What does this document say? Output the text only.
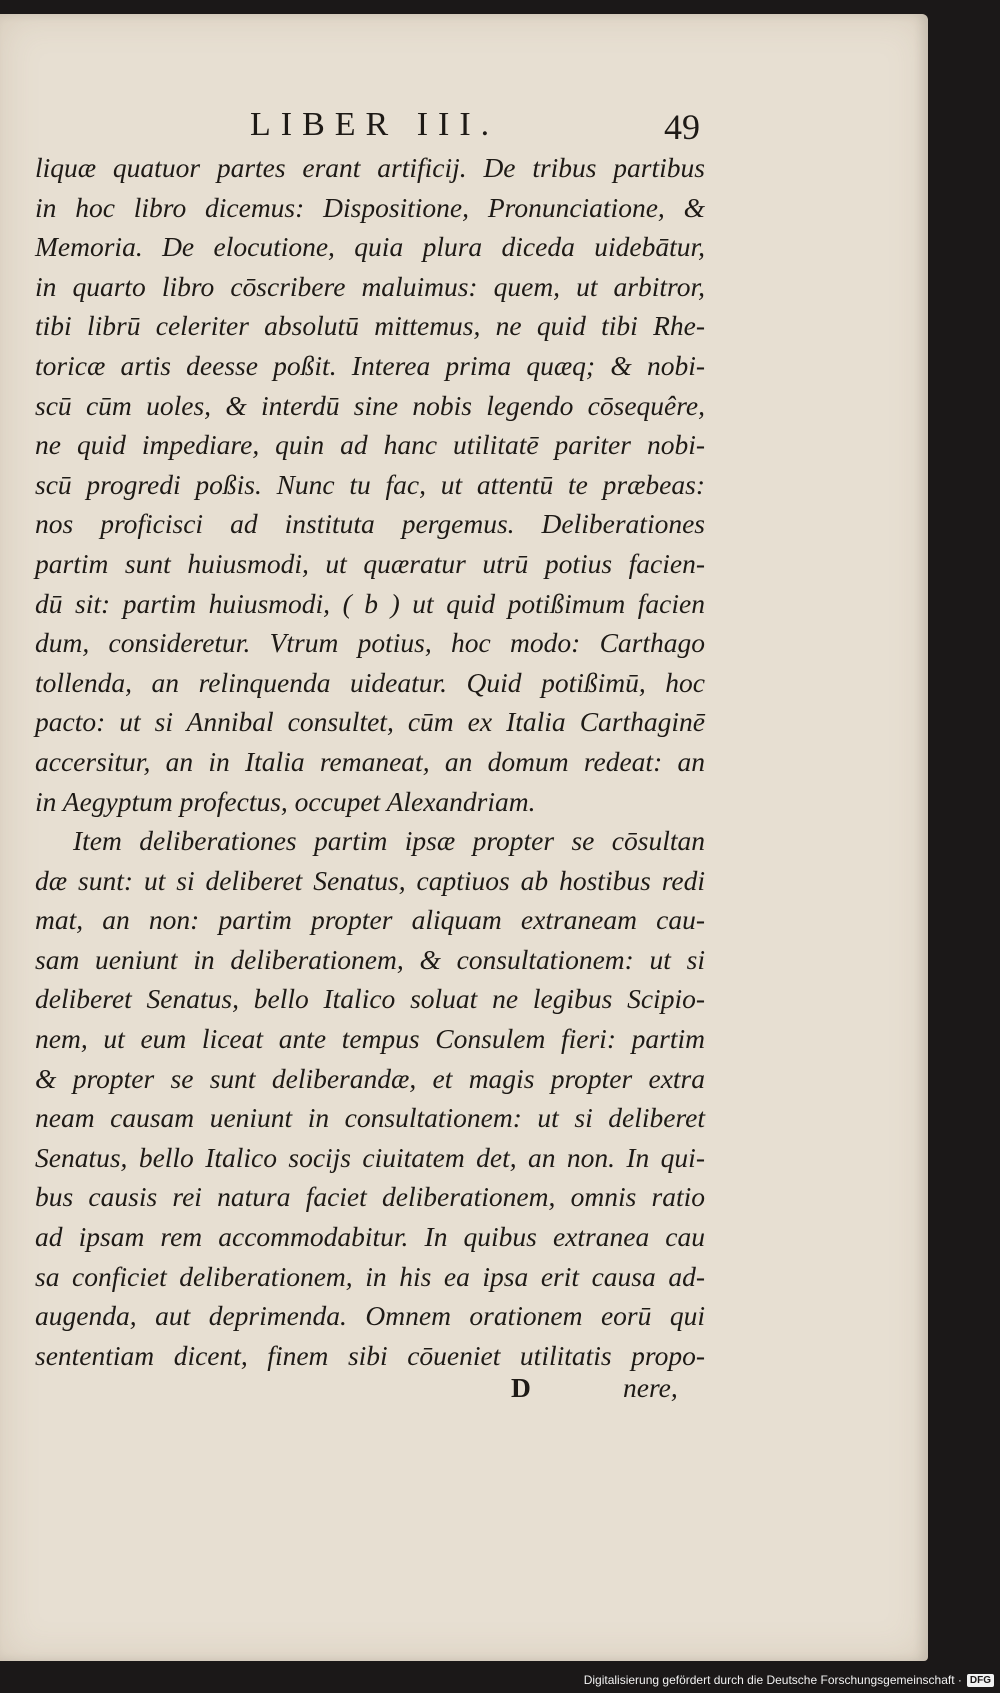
LIBER III.	49
liquæ quatuor partes erant artificij. De tribus partibus
in hoc libro dicemus: Dispositione, Pronunciatione, &
Memoria. De elocutione, quia plura diceda uidebātur,
in quarto libro cōscribere maluimus: quem, ut arbitror,
tibi librū celeriter absolutū mittemus, ne quid tibi Rhe-
toricæ artis deesse poßit. Interea prima quæq; & nobi-
scū cūm uoles, & interdū sine nobis legendo cōsequêre,
ne quid impediare, quin ad hanc utilitatē pariter nobi-
scū progredi poßis. Nunc tu fac, ut attentū te præbeas:
nos proficisci ad instituta pergemus. Deliberationes
partim sunt huiusmodi, ut quæratur utrū potius facien-
dū sit: partim huiusmodi, ( b ) ut quid potißimum facien
dum, consideretur. Vtrum potius, hoc modo: Carthago
tollenda, an relinquenda uideatur. Quid potißimū, hoc
pacto: ut si Annibal consultet, cūm ex Italia Carthaginē
accersitur, an in Italia remaneat, an domum redeat: an
in Aegyptum profectus, occupet Alexandriam.
Item deliberationes partim ipsæ propter se cōsultan
dæ sunt: ut si deliberet Senatus, captiuos ab hostibus redi
mat, an non: partim propter aliquam extraneam cau-
sam ueniunt in deliberationem, & consultationem: ut si
deliberet Senatus, bello Italico soluat ne legibus Scipio-
nem, ut eum liceat ante tempus Consulem fieri: partim
& propter se sunt deliberandæ, et magis propter extra
neam causam ueniunt in consultationem: ut si deliberet
Senatus, bello Italico socijs ciuitatem det, an non. In qui-
bus causis rei natura faciet deliberationem, omnis ratio
ad ipsam rem accommodabitur. In quibus extranea cau
sa conficiet deliberationem, in his ea ipsa erit causa ad-
augenda, aut deprimenda. Omnem orationem eorū qui
sententiam dicent, finem sibi cōueniet utilitatis propo-
D	nere,
Digitalisierung gefördert durch die Deutsche Forschungsgemeinschaft · DFG
